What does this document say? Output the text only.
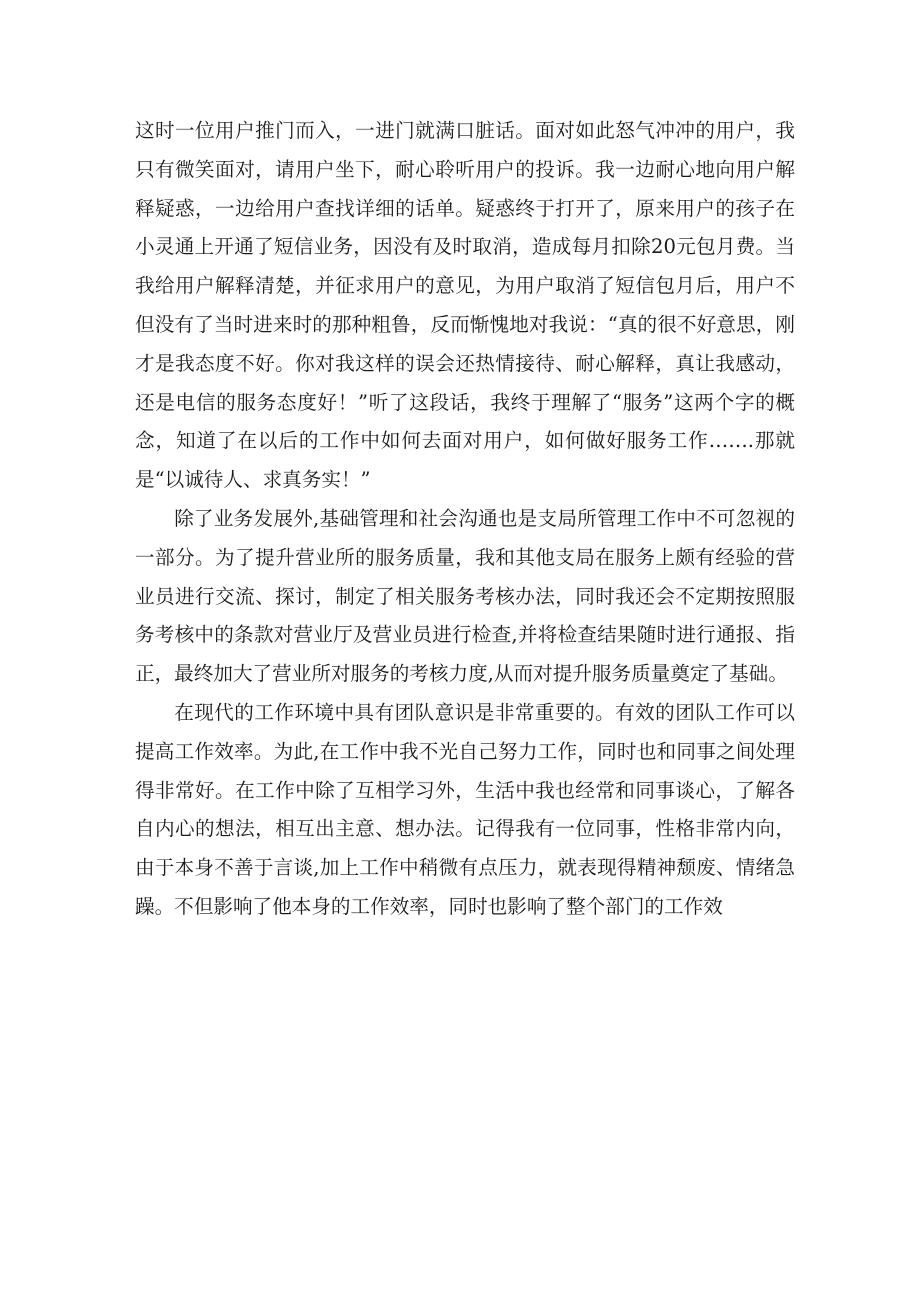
这时一位用户推门而入，一进门就满口脏话。面对如此怒气冲冲的用户，我只有微笑面对，请用户坐下，耐心聆听用户的投诉。我一边耐心地向用户解释疑惑，一边给用户查找详细的话单。疑惑终于打开了，原来用户的孩子在小灵通上开通了短信业务，因没有及时取消，造成每月扣除20元包月费。当我给用户解释清楚，并征求用户的意见，为用户取消了短信包月后，用户不但没有了当时进来时的那种粗鲁，反而惭愧地对我说：“真的很不好意思，刚才是我态度不好。你对我这样的误会还热情接待、耐心解释，真让我感动，还是电信的服务态度好！”听了这段话，我终于理解了“服务”这两个字的概念，知道了在以后的工作中如何去面对用户，如何做好服务工作…….那就是“以诚待人、求真务实！”

除了业务发展外,基础管理和社会沟通也是支局所管理工作中不可忽视的一部分。为了提升营业所的服务质量，我和其他支局在服务上颇有经验的营业员进行交流、探讨，制定了相关服务考核办法，同时我还会不定期按照服务考核中的条款对营业厅及营业员进行检查,并将检查结果随时进行通报、指正，最终加大了营业所对服务的考核力度,从而对提升服务质量奠定了基础。

在现代的工作环境中具有团队意识是非常重要的。有效的团队工作可以提高工作效率。为此,在工作中我不光自己努力工作，同时也和同事之间处理得非常好。在工作中除了互相学习外，生活中我也经常和同事谈心，了解各自内心的想法，相互出主意、想办法。记得我有一位同事，性格非常内向，由于本身不善于言谈,加上工作中稍微有点压力，就表现得精神颓废、情绪急躁。不但影响了他本身的工作效率，同时也影响了整个部门的工作效
